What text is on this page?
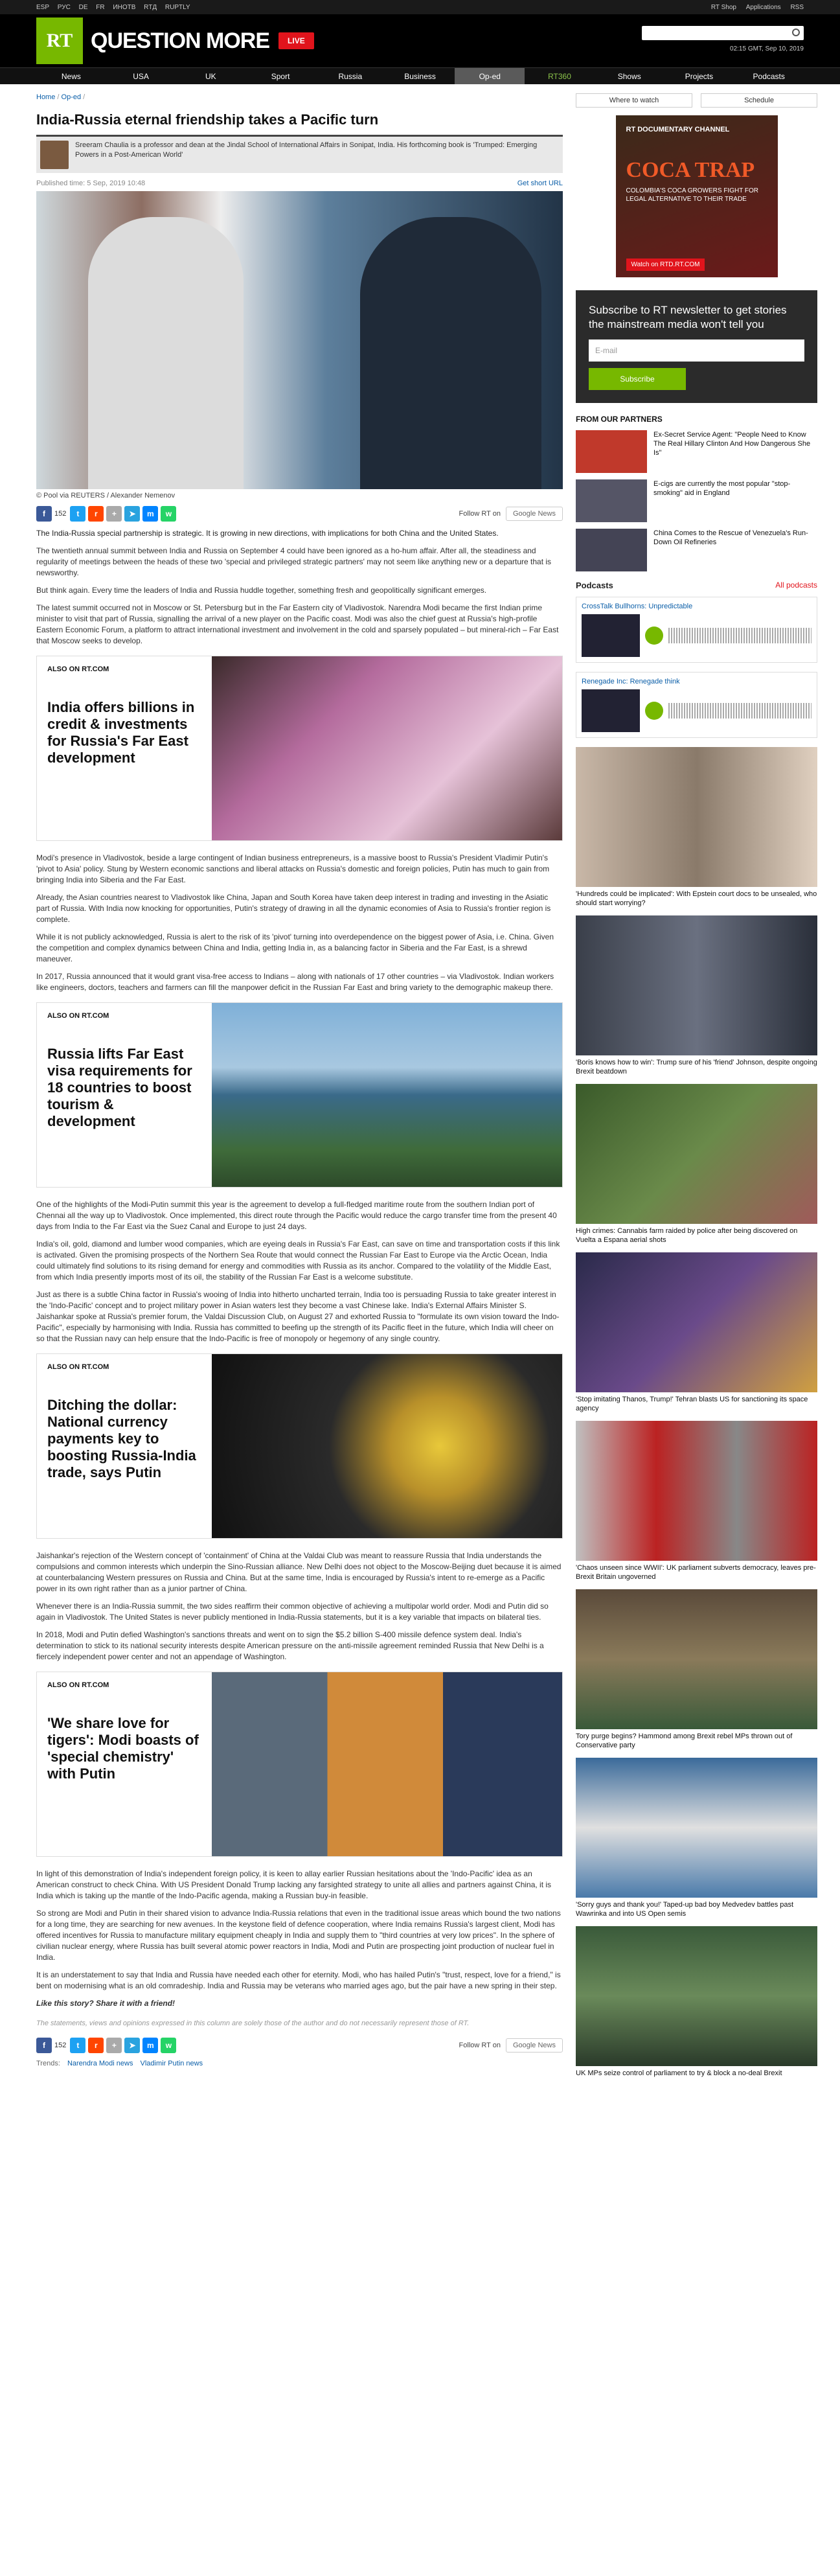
ESP РУС DE FR ИНОТВ RTД RUPTLY	RT Shop Applications RSS
RT QUESTION MORE	LIVE
02:15 GMT, Sep 10, 2019
News	USA	UK	Sport	Russia	Business	Op-ed	RT360	Shows	Projects	Podcasts
Home / Op-ed /
India-Russia eternal friendship takes a Pacific turn
Sreeram Chaulia is a professor and dean at the Jindal School of International Affairs in Sonipat, India. His forthcoming book is 'Trumped: Emerging Powers in a Post-American World'
Published time: 5 Sep, 2019 10:48	Get short URL
© Pool via REUTERS / Alexander Nemenov
f	152	t	r	+	➤	m	w	Follow RT on	Google News

The India-Russia special partnership is strategic. It is growing in new directions, with implications for both China and the United States.

The twentieth annual summit between India and Russia on September 4 could have been ignored as a ho-hum affair. After all, the steadiness and regularity of meetings between the heads of these two 'special and privileged strategic partners' may not seem like anything new or a departure that is newsworthy.

But think again. Every time the leaders of India and Russia huddle together, something fresh and geopolitically significant emerges.

The latest summit occurred not in Moscow or St. Petersburg but in the Far Eastern city of Vladivostok. Narendra Modi became the first Indian prime minister to visit that part of Russia, signalling the arrival of a new player on the Pacific coast. Modi was also the chief guest at Russia's high-profile Eastern Economic Forum, a platform to attract international investment and involvement in the cold and sparsely populated – but mineral-rich – Far East that Moscow seeks to develop.

ALSO ON RT.COM
India offers billions in credit & investments for Russia's Far East development

Modi's presence in Vladivostok, beside a large contingent of Indian business entrepreneurs, is a massive boost to Russia's President Vladimir Putin's 'pivot to Asia' policy. Stung by Western economic sanctions and liberal attacks on Russia's domestic and foreign policies, Putin has much to gain from bringing India into Siberia and the Far East.

Already, the Asian countries nearest to Vladivostok like China, Japan and South Korea have taken deep interest in trading and investing in the Asiatic part of Russia. With India now knocking for opportunities, Putin's strategy of drawing in all the dynamic economies of Asia to Russia's frontier region is complete.

While it is not publicly acknowledged, Russia is alert to the risk of its 'pivot' turning into overdependence on the biggest power of Asia, i.e. China. Given the competition and complex dynamics between China and India, getting India in, as a balancing factor in Siberia and the Far East, is a shrewd maneuver.

In 2017, Russia announced that it would grant visa-free access to Indians – along with nationals of 17 other countries – via Vladivostok. Indian workers like engineers, doctors, teachers and farmers can fill the manpower deficit in the Russian Far East and bring variety to the demographic makeup there.

ALSO ON RT.COM
Russia lifts Far East visa requirements for 18 countries to boost tourism & development

One of the highlights of the Modi-Putin summit this year is the agreement to develop a full-fledged maritime route from the southern Indian port of Chennai all the way up to Vladivostok. Once implemented, this direct route through the Pacific would reduce the cargo transfer time from the present 40 days from India to the Far East via the Suez Canal and Europe to just 24 days.

India's oil, gold, diamond and lumber wood companies, which are eyeing deals in Russia's Far East, can save on time and transportation costs if this link is activated. Given the promising prospects of the Northern Sea Route that would connect the Russian Far East to Europe via the Arctic Ocean, India could ultimately find solutions to its rising demand for energy and commodities with Russia as its anchor. Compared to the volatility of the Middle East, from which India presently imports most of its oil, the stability of the Russian Far East is a welcome substitute.

Just as there is a subtle China factor in Russia's wooing of India into hitherto uncharted terrain, India too is persuading Russia to take greater interest in the 'Indo-Pacific' concept and to project military power in Asian waters lest they become a vast Chinese lake. India's External Affairs Minister S. Jaishankar spoke at Russia's premier forum, the Valdai Discussion Club, on August 27 and exhorted Russia to "formulate its own vision toward the Indo-Pacific", especially by harmonising with India. Russia has committed to beefing up the strength of its Pacific fleet in the future, which India will cheer on so that the Russian navy can help ensure that the Indo-Pacific is free of monopoly or hegemony of any single country.

ALSO ON RT.COM
Ditching the dollar: National currency payments key to boosting Russia-India trade, says Putin

Jaishankar's rejection of the Western concept of 'containment' of China at the Valdai Club was meant to reassure Russia that India understands the compulsions and common interests which underpin the Sino-Russian alliance. New Delhi does not object to the Moscow-Beijing duet because it is aimed at counterbalancing Western pressures on Russia and China. But at the same time, India is encouraged by Russia's intent to re-emerge as a Pacific power in its own right rather than as a junior partner of China.

Whenever there is an India-Russia summit, the two sides reaffirm their common objective of achieving a multipolar world order. Modi and Putin did so again in Vladivostok. The United States is never publicly mentioned in India-Russia statements, but it is a key variable that impacts on bilateral ties.

In 2018, Modi and Putin defied Washington's sanctions threats and went on to sign the $5.2 billion S-400 missile defence system deal. India's determination to stick to its national security interests despite American pressure on the anti-missile agreement reminded Russia that New Delhi is a fiercely independent power center and not an appendage of Washington.

ALSO ON RT.COM
'We share love for tigers': Modi boasts of 'special chemistry' with Putin

In light of this demonstration of India's independent foreign policy, it is keen to allay earlier Russian hesitations about the 'Indo-Pacific' idea as an American construct to check China. With US President Donald Trump lacking any farsighted strategy to unite all allies and partners against China, it is India which is taking up the mantle of the Indo-Pacific agenda, making a Russian buy-in feasible.

So strong are Modi and Putin in their shared vision to advance India-Russia relations that even in the traditional issue areas which bound the two nations for a long time, they are searching for new avenues. In the keystone field of defence cooperation, where India remains Russia's largest client, Modi has offered incentives for Russia to manufacture military equipment cheaply in India and supply them to "third countries at very low prices". In the sphere of civilian nuclear energy, where Russia has built several atomic power reactors in India, Modi and Putin are prospecting joint production of nuclear fuel in India.

It is an understatement to say that India and Russia have needed each other for eternity. Modi, who has hailed Putin's "trust, respect, love for a friend," is bent on modernising what is an old comradeship. India and Russia may be veterans who married ages ago, but the pair have a new spring in their step.

Like this story? Share it with a friend!

The statements, views and opinions expressed in this column are solely those of the author and do not necessarily represent those of RT.

f	152	t	r	+	➤	m	w	Follow RT on	Google News
Trends: Narendra Modi news Vladimir Putin news
Where to watch	Schedule
RT DOCUMENTARY CHANNEL
COCA TRAP
COLOMBIA'S COCA GROWERS FIGHT FOR LEGAL ALTERNATIVE TO THEIR TRADE
Watch on RTD.RT.COM
Subscribe to RT newsletter to get stories the mainstream media won't tell you
E-mail
Subscribe
FROM OUR PARTNERS
Ex-Secret Service Agent: "People Need to Know The Real Hillary Clinton And How Dangerous She Is"
E-cigs are currently the most popular "stop-smoking" aid in England
China Comes to the Rescue of Venezuela's Run-Down Oil Refineries
Podcasts	All podcasts
CrossTalk Bullhorns: Unpredictable
Renegade Inc: Renegade think
'Hundreds could be implicated': With Epstein court docs to be unsealed, who should start worrying?
'Boris knows how to win': Trump sure of his 'friend' Johnson, despite ongoing Brexit beatdown
High crimes: Cannabis farm raided by police after being discovered on Vuelta a Espana aerial shots
'Stop imitating Thanos, Trump!' Tehran blasts US for sanctioning its space agency
'Chaos unseen since WWII': UK parliament subverts democracy, leaves pre-Brexit Britain ungoverned
Tory purge begins? Hammond among Brexit rebel MPs thrown out of Conservative party
'Sorry guys and thank you!' Taped-up bad boy Medvedev battles past Wawrinka and into US Open semis
UK MPs seize control of parliament to try & block a no-deal Brexit
